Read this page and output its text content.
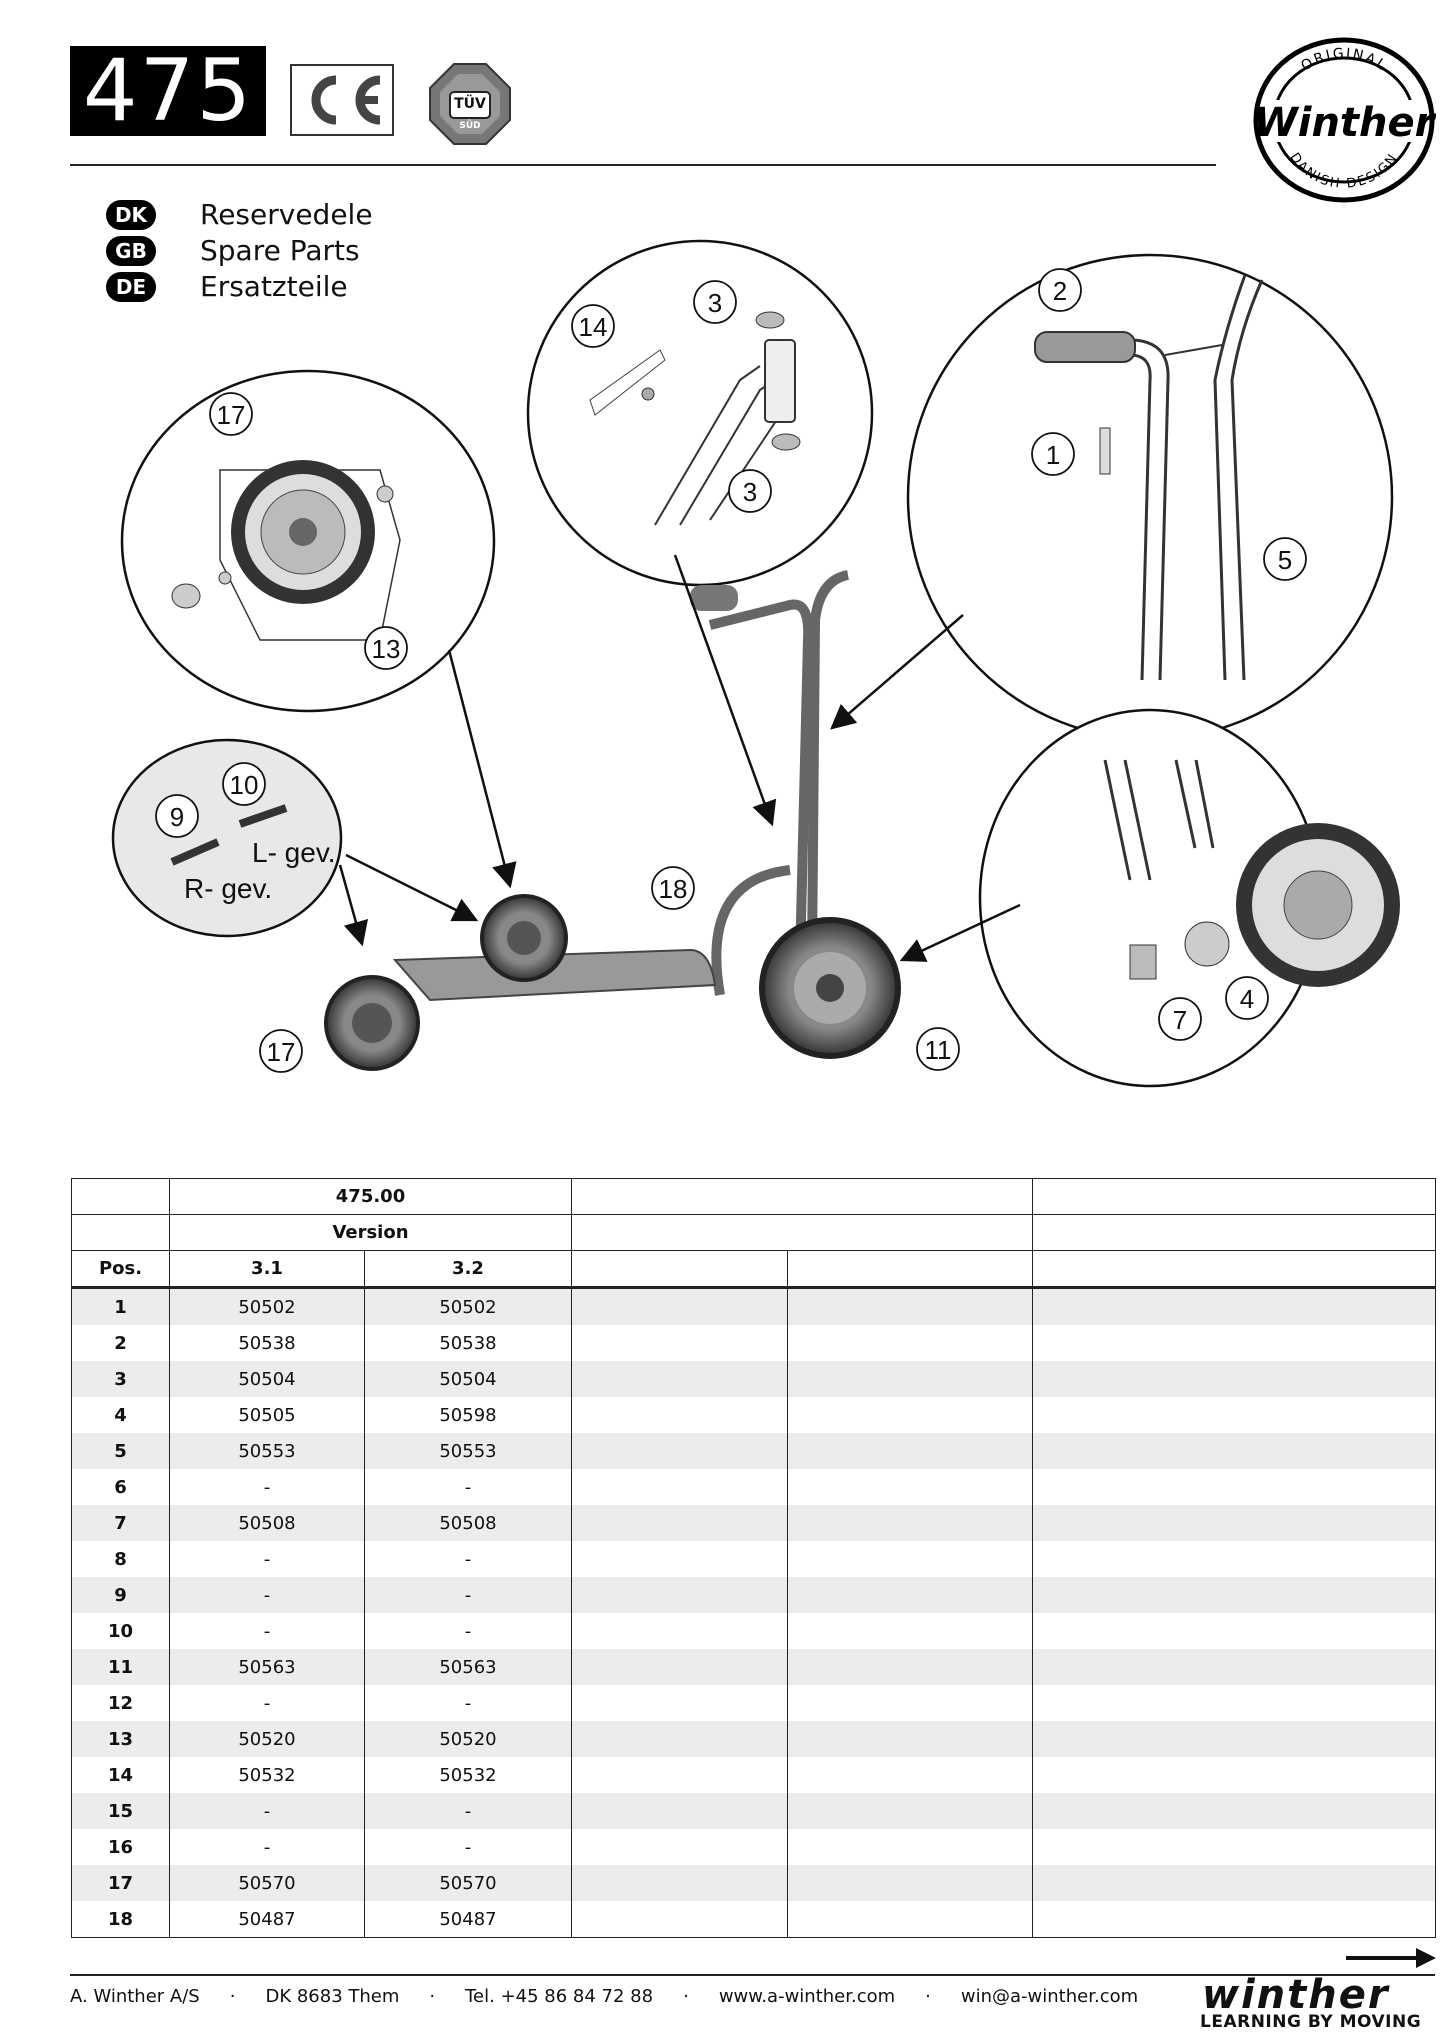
475	TÜV
SÜD
ORIGINAL
DANISH DESIGN
Winther
DK	Reservedele
GB	Spare Parts
DE	Ersatzteile
L- gev.
R- gev.
17
13
14
3
3
2
1
5
9
10
18
17	11
7
4
	475.00				
	Version				
Pos.	3.1	3.2			
1	50502	50502			
2	50538	50538			
3	50504	50504			
4	50505	50598			
5	50553	50553			
6	-	-			
7	50508	50508			
8	-	-			
9	-	-			
10	-	-			
11	50563	50563			
12	-	-			
13	50520	50520			
14	50532	50532			
15	-	-			
16	-	-			
17	50570	50570			
18	50487	50487			
A. Winther A/S · DK 8683 Them · Tel. +45 86 84 72 88 · www.a-winther.com · win@a-winther.com winther
LEARNING BY MOVING
